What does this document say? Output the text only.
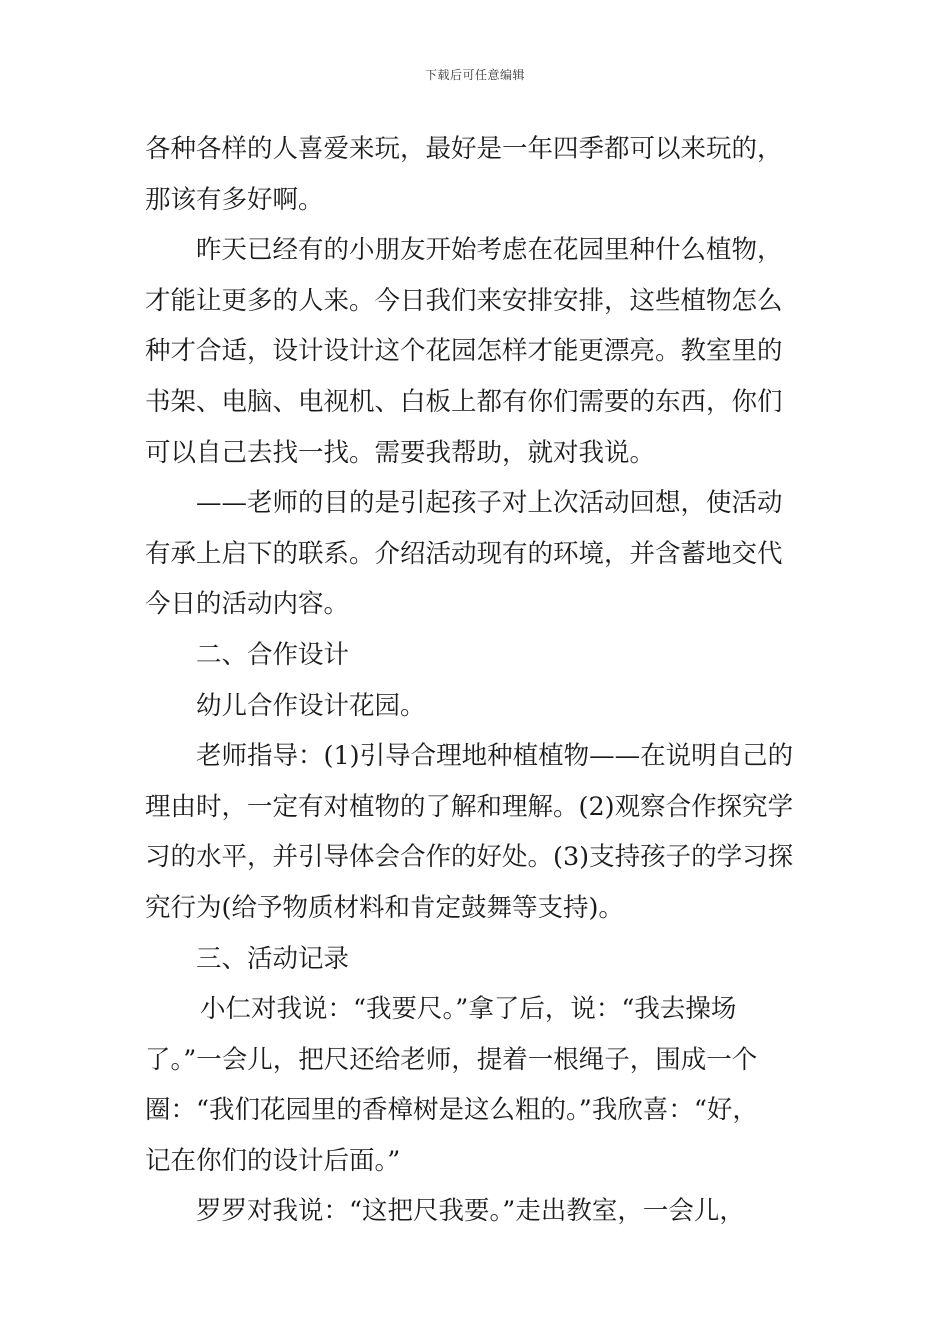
下载后可任意编辑
各种各样的人喜爱来玩，最好是一年四季都可以来玩的，
那该有多好啊。
昨天已经有的小朋友开始考虑在花园里种什么植物，
才能让更多的人来。今日我们来安排安排，这些植物怎么
种才合适，设计设计这个花园怎样才能更漂亮。教室里的
书架、电脑、电视机、白板上都有你们需要的东西，你们
可以自己去找一找。需要我帮助，就对我说。
——老师的目的是引起孩子对上次活动回想，使活动
有承上启下的联系。介绍活动现有的环境，并含蓄地交代
今日的活动内容。
二、合作设计
幼儿合作设计花园。
老师指导：(1)引导合理地种植植物——在说明自己的
理由时，一定有对植物的了解和理解。(2)观察合作探究学
习的水平，并引导体会合作的好处。(3)支持孩子的学习探
究行为(给予物质材料和肯定鼓舞等支持)。
三、活动记录
小仁对我说：“我要尺。”拿了后，说：“我去操场
了。”一会儿，把尺还给老师，提着一根绳子，围成一个
圈：“我们花园里的香樟树是这么粗的。”我欣喜：“好，
记在你们的设计后面。”
罗罗对我说：“这把尺我要。”走出教室，一会儿，
